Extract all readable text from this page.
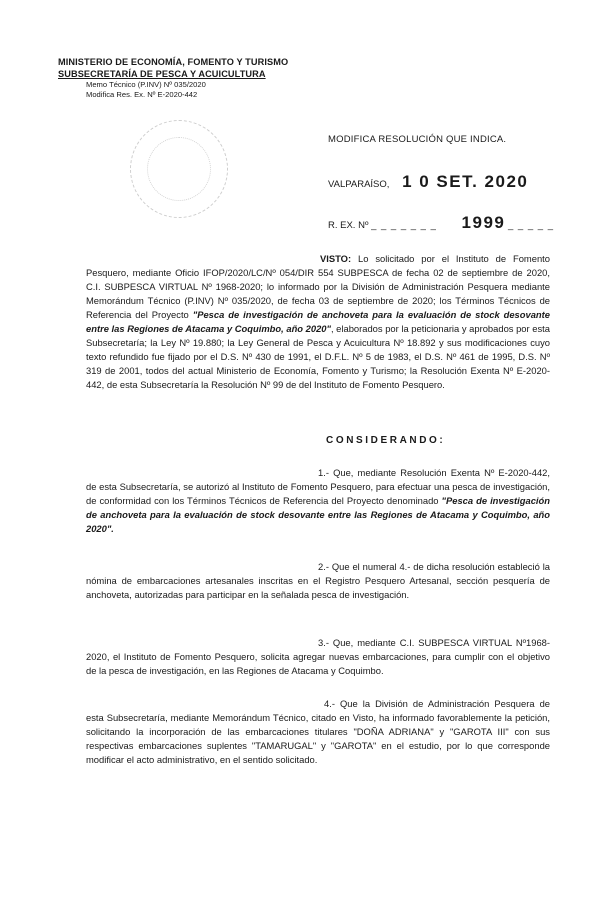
MINISTERIO DE ECONOMÍA, FOMENTO Y TURISMO
SUBSECRETARÍA DE PESCA Y ACUICULTURA
Memo Técnico (P.INV) Nº 035/2020
Modifica Res. Ex. Nº E-2020-442
MODIFICA RESOLUCIÓN QUE INDICA.
VALPARAÍSO, 1 0 SET. 2020
R. EX. Nº _ _ _ _ _ _ _ 1999 _ _ _ _ _

VISTO: Lo solicitado por el Instituto de Fomento Pesquero, mediante Oficio IFOP/2020/LC/Nº 054/DIR 554 SUBPESCA de fecha 02 de septiembre de 2020, C.I. SUBPESCA VIRTUAL Nº 1968-2020; lo informado por la División de Administración Pesquera mediante Memorándum Técnico (P.INV) Nº 035/2020, de fecha 03 de septiembre de 2020; los Términos Técnicos de Referencia del Proyecto "Pesca de investigación de anchoveta para la evaluación de stock desovante entre las Regiones de Atacama y Coquimbo, año 2020", elaborados por la peticionaria y aprobados por esta Subsecretaría; la Ley Nº 19.880; la Ley General de Pesca y Acuicultura Nº 18.892 y sus modificaciones cuyo texto refundido fue fijado por el D.S. Nº 430 de 1991, el D.F.L. Nº 5 de 1983, el D.S. Nº 461 de 1995, D.S. Nº 319 de 2001, todos del actual Ministerio de Economía, Fomento y Turismo; la Resolución Exenta Nº E-2020-442, de esta Subsecretaría la Resolución Nº 99 de del Instituto de Fomento Pesquero.

CONSIDERANDO:

1.- Que, mediante Resolución Exenta Nº E-2020-442, de esta Subsecretaría, se autorizó al Instituto de Fomento Pesquero, para efectuar una pesca de investigación, de conformidad con los Términos Técnicos de Referencia del Proyecto denominado "Pesca de investigación de anchoveta para la evaluación de stock desovante entre las Regiones de Atacama y Coquimbo, año 2020".

2.- Que el numeral 4.- de dicha resolución estableció la nómina de embarcaciones artesanales inscritas en el Registro Pesquero Artesanal, sección pesquería de anchoveta, autorizadas para participar en la señalada pesca de investigación.

3.- Que, mediante C.I. SUBPESCA VIRTUAL Nº1968-2020, el Instituto de Fomento Pesquero, solicita agregar nuevas embarcaciones, para cumplir con el objetivo de la pesca de investigación, en las Regiones de Atacama y Coquimbo.

4.- Que la División de Administración Pesquera de esta Subsecretaría, mediante Memorándum Técnico, citado en Visto, ha informado favorablemente la petición, solicitando la incorporación de las embarcaciones titulares "DOÑA ADRIANA" y "GAROTA III" con sus respectivas embarcaciones suplentes "TAMARUGAL" y "GAROTA" en el estudio, por lo que corresponde modificar el acto administrativo, en el sentido solicitado.
